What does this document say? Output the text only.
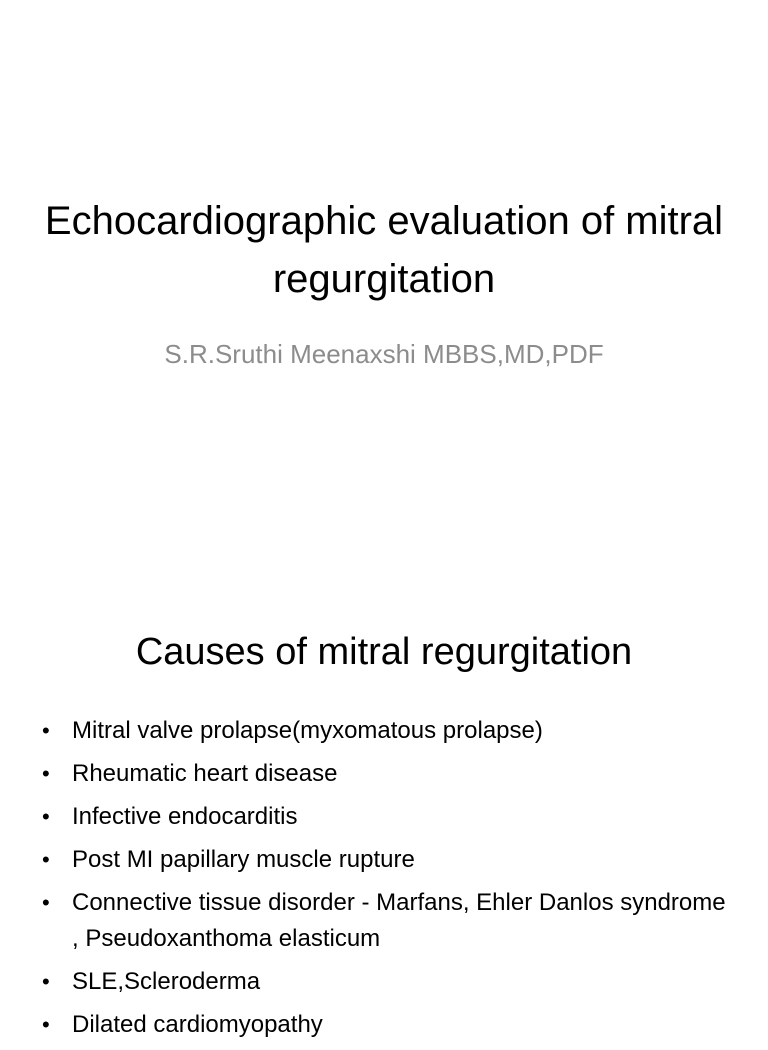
Echocardiographic evaluation of mitral regurgitation

S.R.Sruthi Meenaxshi MBBS,MD,PDF

Causes of mitral regurgitation
• Mitral valve prolapse(myxomatous prolapse)
• Rheumatic heart disease
• Infective endocarditis
• Post MI papillary muscle rupture
• Connective tissue disorder - Marfans, Ehler Danlos syndrome , Pseudoxanthoma elasticum
• SLE,Scleroderma
• Dilated cardiomyopathy
